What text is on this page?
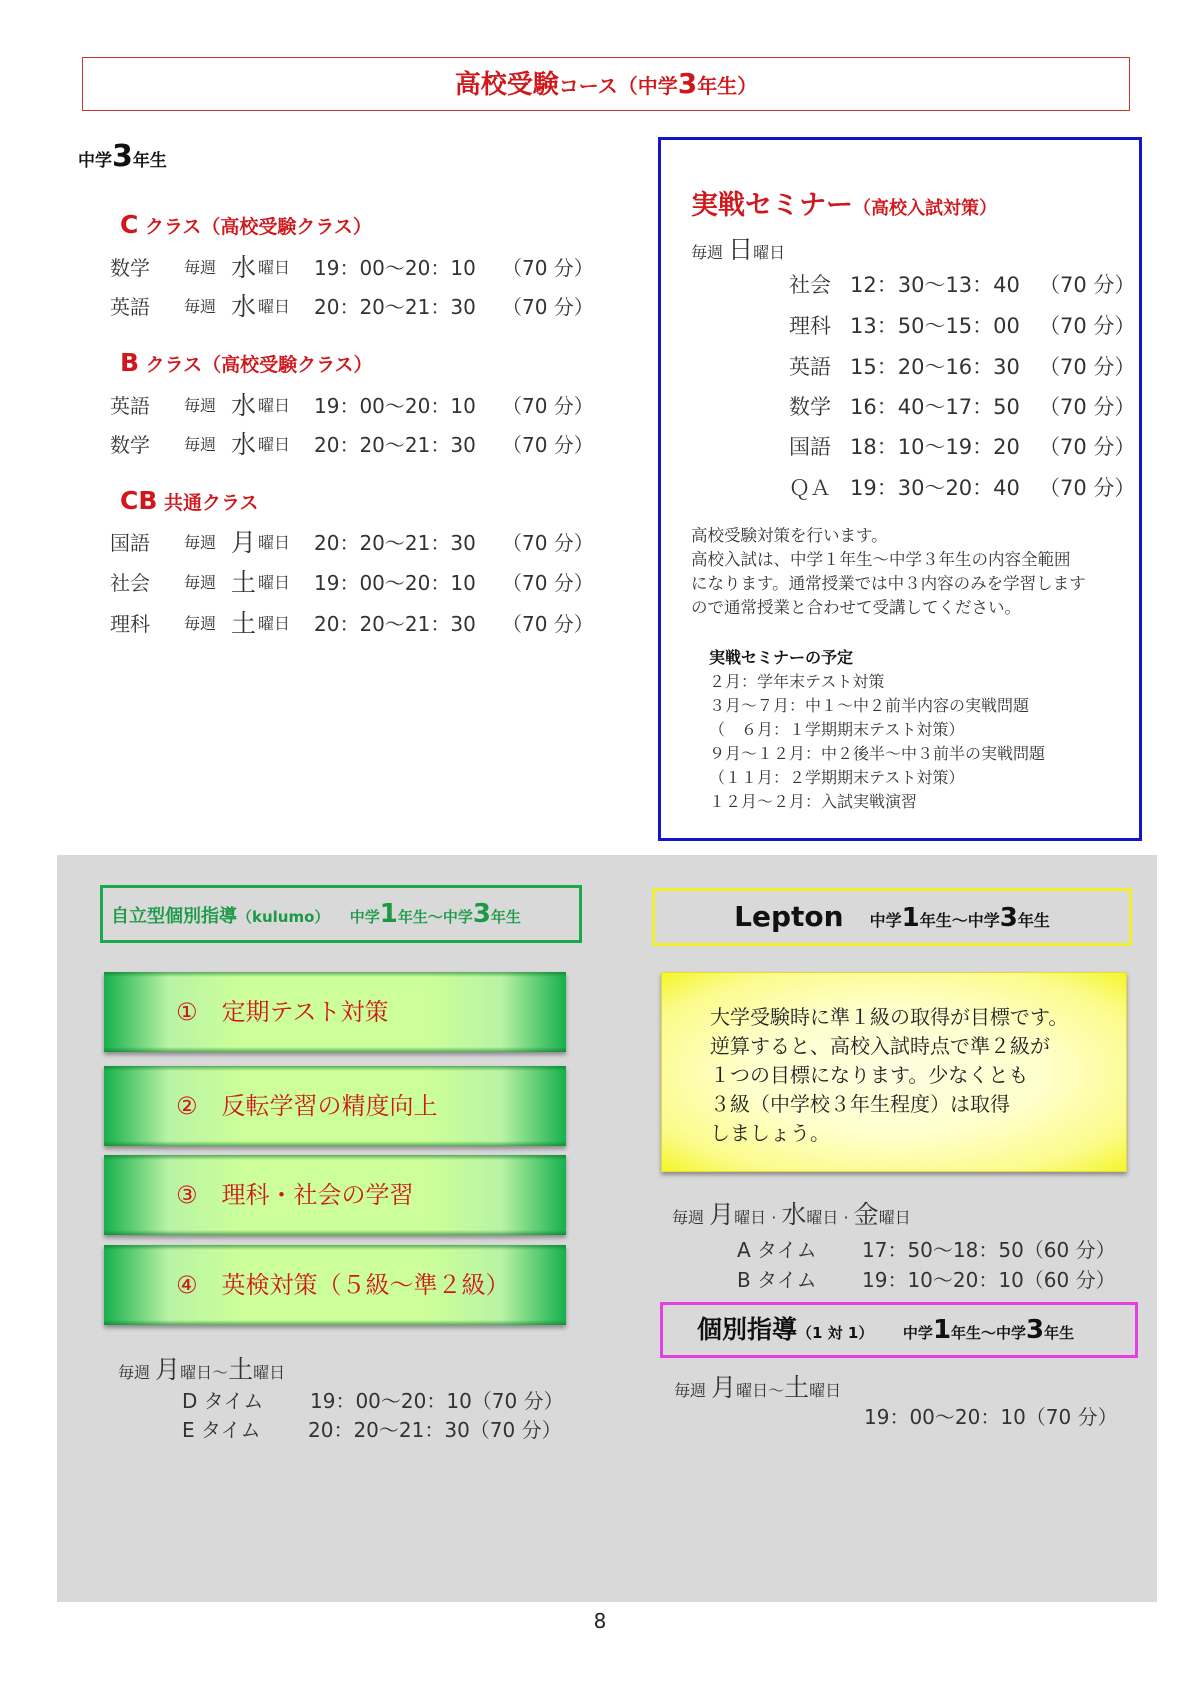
高校受験コース（中学3年生）
中学3年生
C クラス（高校受験クラス）
数学 毎週 水 曜日 19：00〜20：10 （70 分）
英語 毎週 水 曜日 20：20〜21：30 （70 分）
B クラス（高校受験クラス）
英語 毎週 水 曜日 19：00〜20：10 （70 分）
数学 毎週 水 曜日 20：20〜21：30 （70 分）
CB 共通クラス
国語 毎週 月 曜日 20：20〜21：30 （70 分）
社会 毎週 土 曜日 19：00〜20：10 （70 分）
理科 毎週 土 曜日 20：20〜21：30 （70 分）
実戦セミナー（高校入試対策）
毎週 日曜日
社会 12：30〜13：40 （70 分）
理科 13：50〜15：00 （70 分）
英語 15：20〜16：30 （70 分）
数学 16：40〜17：50 （70 分）
国語 18：10〜19：20 （70 分）
ＱＡ 19：30〜20：40 （70 分）
高校受験対策を行います。
高校入試は、中学１年生〜中学３年生の内容全範囲
になります。通常授業では中３内容のみを学習します
ので通常授業と合わせて受講してください。
実戦セミナーの予定
２月：学年末テスト対策
３月〜７月：中１〜中２前半内容の実戦問題
（　６月：１学期期末テスト対策）
９月〜１２月：中２後半〜中３前半の実戦問題
（１１月：２学期期末テスト対策）
１２月〜２月：入試実戦演習
自立型個別指導（kulumo） 中学1年生〜中学3年生
①　定期テスト対策
②　反転学習の精度向上
③　理科・社会の学習
④　英検対策（５級〜準２級）
毎週 月曜日〜土曜日
D タイム 19：00〜20：10（70 分）
E タイム 20：20〜21：30（70 分）
Lepton 中学1年生〜中学3年生
大学受験時に準１級の取得が目標です。
逆算すると、高校入試時点で準２級が
１つの目標になります。少なくとも
３級（中学校３年生程度）は取得
しましょう。
毎週 月曜日 · 水曜日 · 金曜日
A タイム 17：50〜18：50（60 分）
B タイム 19：10〜20：10（60 分）
個別指導（1 対 1） 中学1年生〜中学3年生
毎週 月曜日〜土曜日
19：00〜20：10（70 分）
8
